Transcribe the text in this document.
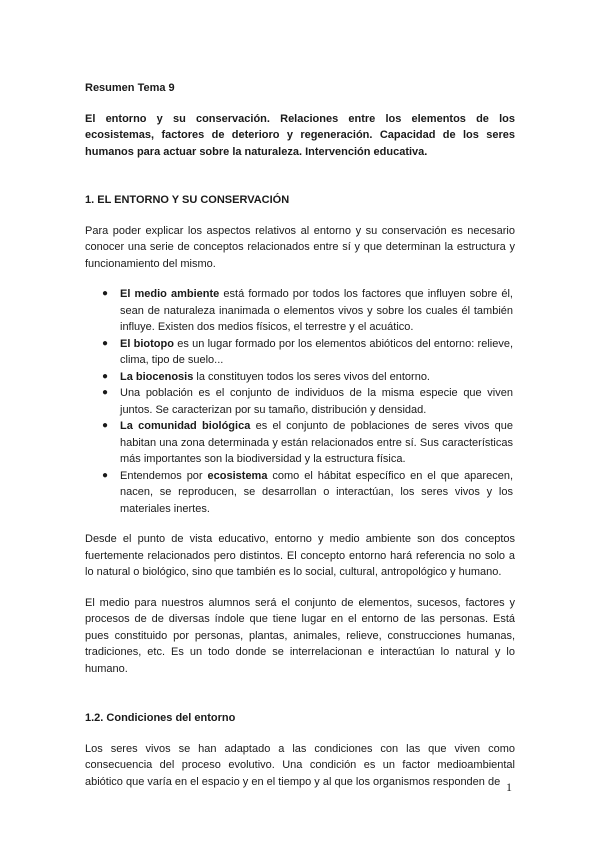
Resumen Tema 9
El entorno y su conservación. Relaciones entre los elementos de los ecosistemas, factores de deterioro y regeneración. Capacidad de los seres humanos para actuar sobre la naturaleza. Intervención educativa.
1. EL ENTORNO Y SU CONSERVACIÓN

Para poder explicar los aspectos relativos al entorno y su conservación es necesario conocer una serie de conceptos relacionados entre sí y que determinan la estructura y funcionamiento del mismo.

● El medio ambiente está formado por todos los factores que influyen sobre él, sean de naturaleza inanimada o elementos vivos y sobre los cuales él también influye. Existen dos medios físicos, el terrestre y el acuático.
● El biotopo es un lugar formado por los elementos abióticos del entorno: relieve, clima, tipo de suelo...
● La biocenosis la constituyen todos los seres vivos del entorno.
● Una población es el conjunto de individuos de la misma especie que viven juntos. Se caracterizan por su tamaño, distribución y densidad.
● La comunidad biológica es el conjunto de poblaciones de seres vivos que habitan una zona determinada y están relacionados entre sí. Sus características más importantes son la biodiversidad y la estructura física.
● Entendemos por ecosistema como el hábitat específico en el que aparecen, nacen, se reproducen, se desarrollan o interactúan, los seres vivos y los materiales inertes.

Desde el punto de vista educativo, entorno y medio ambiente son dos conceptos fuertemente relacionados pero distintos. El concepto entorno hará referencia no solo a lo natural o biológico, sino que también es lo social, cultural, antropológico y humano.

El medio para nuestros alumnos será el conjunto de elementos, sucesos, factores y procesos de de diversas índole que tiene lugar en el entorno de las personas. Está pues constituido por personas, plantas, animales, relieve, construcciones humanas, tradiciones, etc. Es un todo donde se interrelacionan e interactúan lo natural y lo humano.

1.2. Condiciones del entorno

Los seres vivos se han adaptado a las condiciones con las que viven como consecuencia del proceso evolutivo. Una condición es un factor medioambiental abiótico que varía en el espacio y en el tiempo y al que los organismos responden de 1
